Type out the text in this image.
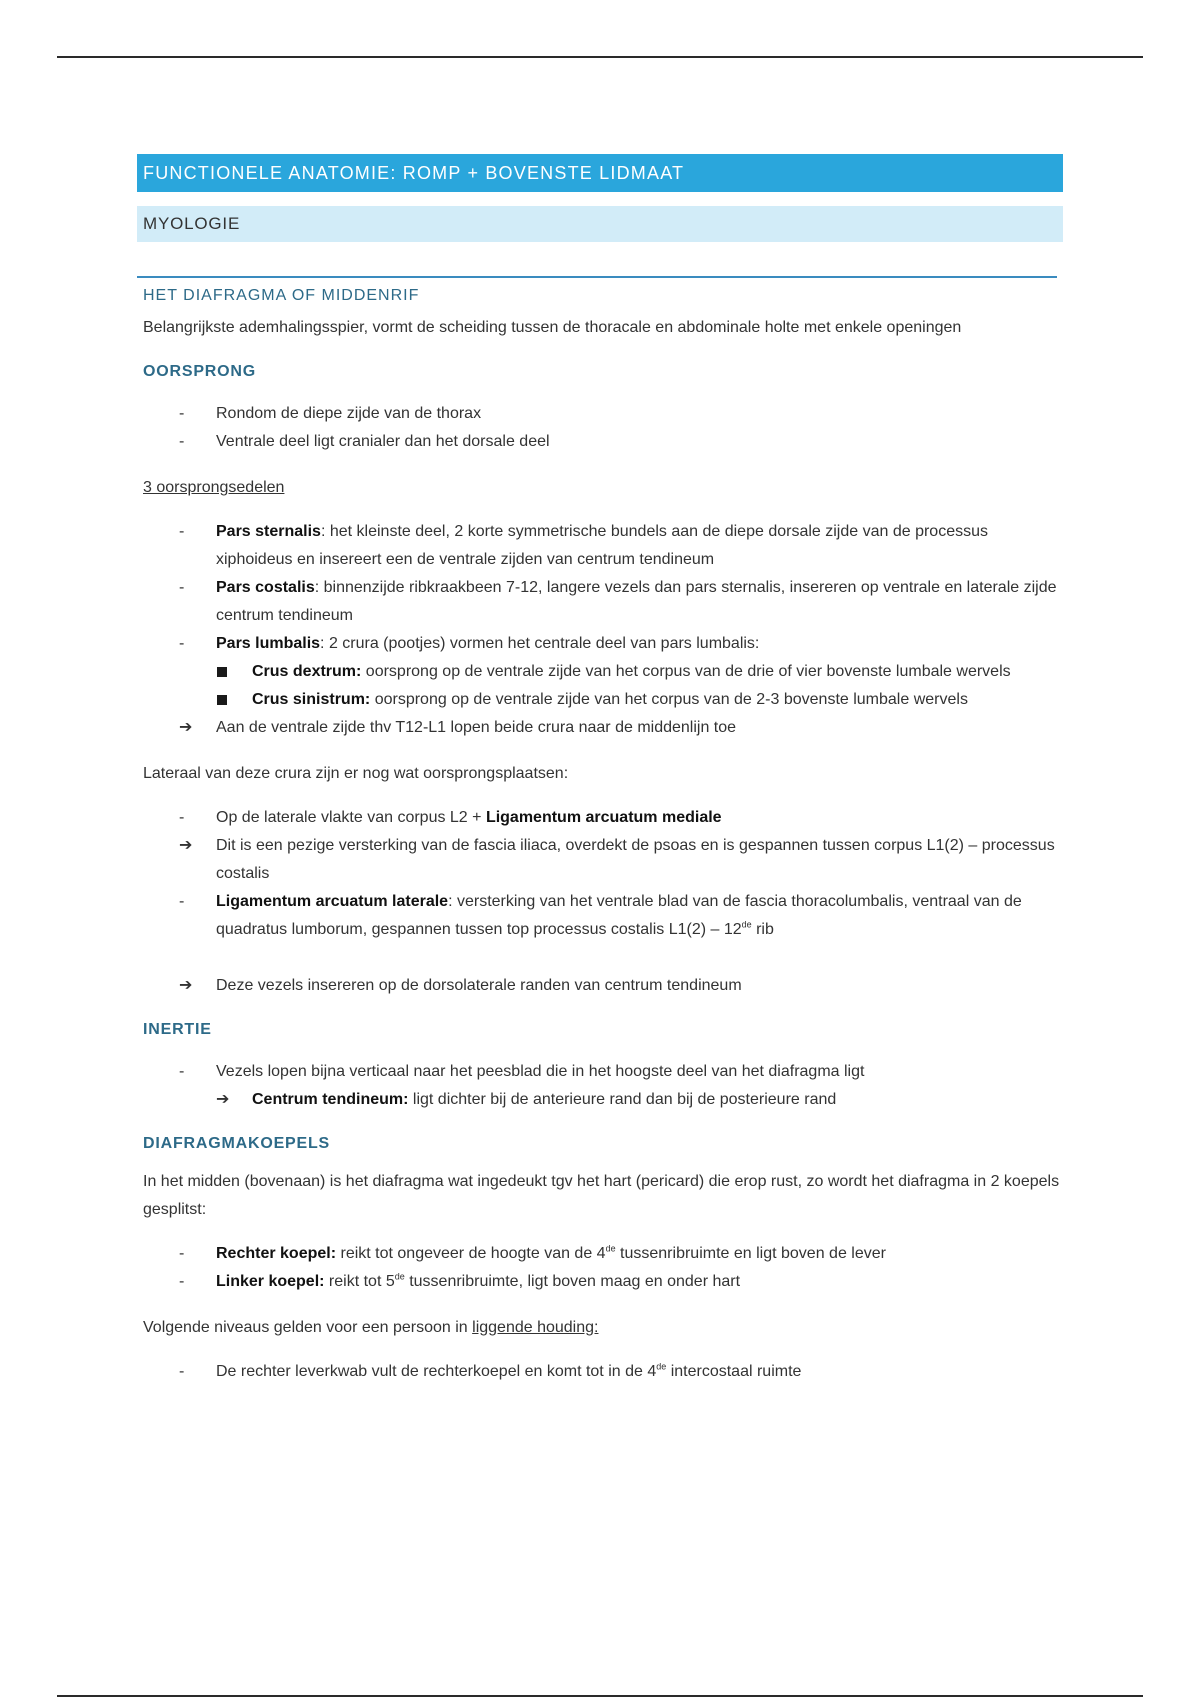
FUNCTIONELE ANATOMIE: ROMP + BOVENSTE LIDMAAT
MYOLOGIE
HET DIAFRAGMA OF MIDDENRIF
Belangrijkste ademhalingsspier, vormt de scheiding tussen de thoracale en abdominale holte met enkele openingen
OORSPRONG
- Rondom de diepe zijde van de thorax
- Ventrale deel ligt cranialer dan het dorsale deel
3 oorsprongsedelen
- Pars sternalis: het kleinste deel, 2 korte symmetrische bundels aan de diepe dorsale zijde van de processus xiphoideus en insereert een de ventrale zijden van centrum tendineum
- Pars costalis: binnenzijde ribkraakbeen 7-12, langere vezels dan pars sternalis, insereren op ventrale en laterale zijde centrum tendineum
- Pars lumbalis: 2 crura (pootjes) vormen het centrale deel van pars lumbalis:
Crus dextrum: oorsprong op de ventrale zijde van het corpus van de drie of vier bovenste lumbale wervels
Crus sinistrum: oorsprong op de ventrale zijde van het corpus van de 2-3 bovenste lumbale wervels
➔ Aan de ventrale zijde thv T12-L1 lopen beide crura naar de middenlijn toe
Lateraal van deze crura zijn er nog wat oorsprongsplaatsen:
- Op de laterale vlakte van corpus L2 + Ligamentum arcuatum mediale
➔ Dit is een pezige versterking van de fascia iliaca, overdekt de psoas en is gespannen tussen corpus L1(2) – processus costalis
- Ligamentum arcuatum laterale: versterking van het ventrale blad van de fascia thoracolumbalis, ventraal van de quadratus lumborum, gespannen tussen top processus costalis L1(2) – 12de rib
➔ Deze vezels insereren op de dorsolaterale randen van centrum tendineum
INERTIE
- Vezels lopen bijna verticaal naar het peesblad die in het hoogste deel van het diafragma ligt
➔ Centrum tendineum: ligt dichter bij de anterieure rand dan bij de posterieure rand
DIAFRAGMAKOEPELS
In het midden (bovenaan) is het diafragma wat ingedeukt tgv het hart (pericard) die erop rust, zo wordt het diafragma in 2 koepels gesplitst:
- Rechter koepel: reikt tot ongeveer de hoogte van de 4de tussenribruimte en ligt boven de lever
- Linker koepel: reikt tot 5de tussenribruimte, ligt boven maag en onder hart
Volgende niveaus gelden voor een persoon in liggende houding:
- De rechter leverkwab vult de rechterkoepel en komt tot in de 4de intercostaal ruimte
